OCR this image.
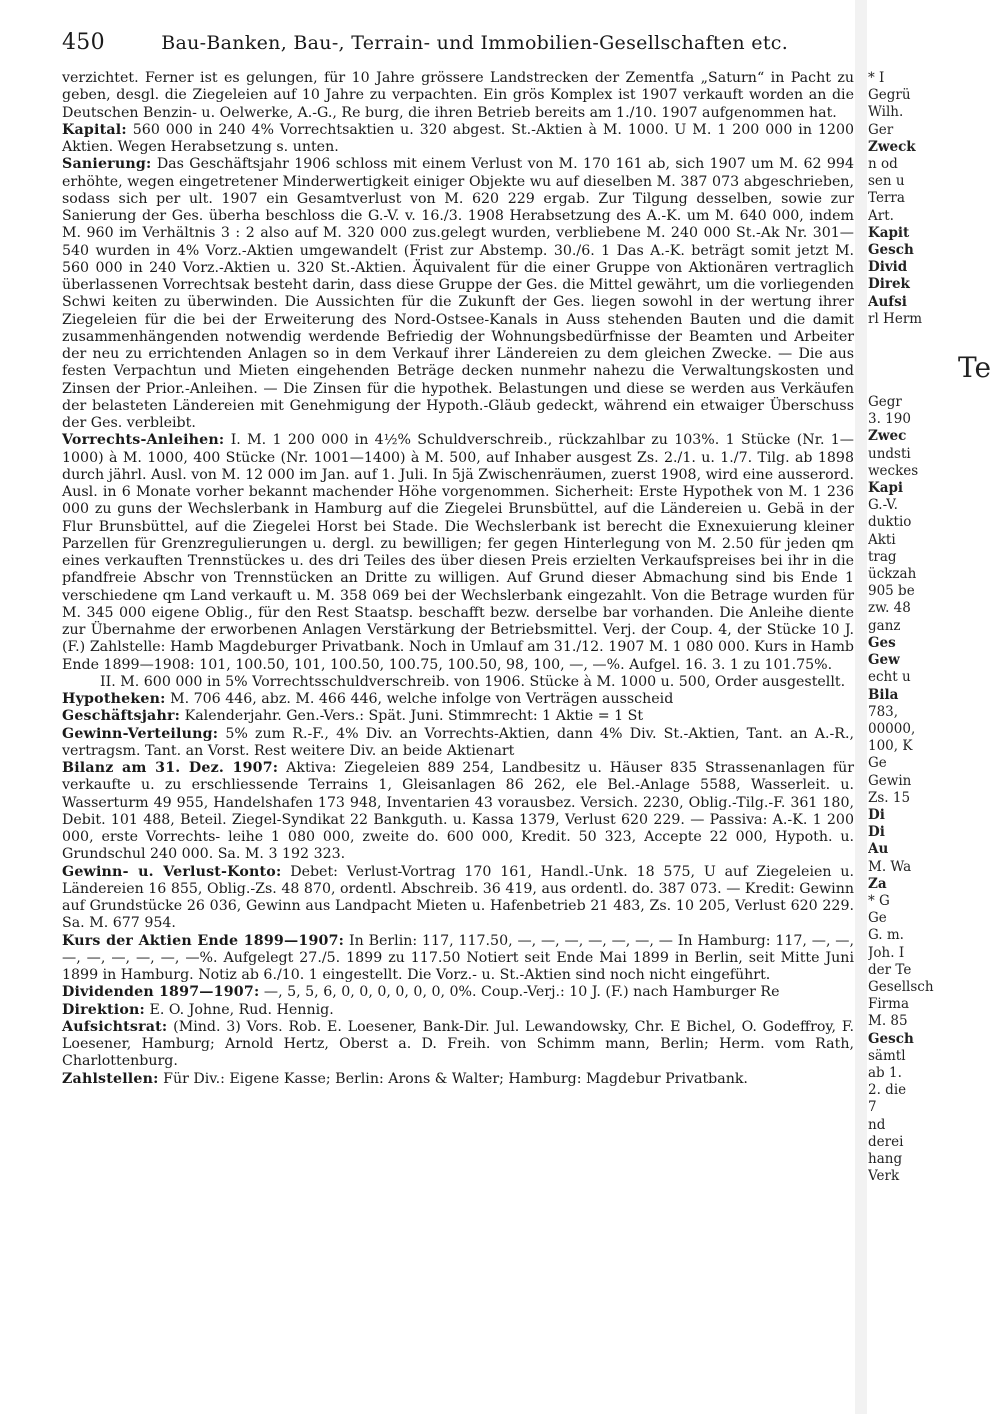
450	Bau-Banken, Bau-, Terrain- und Immobilien-Gesellschaften etc.

verzichtet. Ferner ist es gelungen, für 10 Jahre grössere Landstrecken der Zementfa „Saturn“ in Pacht zu geben, desgl. die Ziegeleien auf 10 Jahre zu verpachten. Ein grös Komplex ist 1907 verkauft worden an die Deutschen Benzin- u. Oelwerke, A.-G., Re burg, die ihren Betrieb bereits am 1./10. 1907 aufgenommen hat.

Kapital: 560 000 in 240 4% Vorrechtsaktien u. 320 abgest. St.-Aktien à M. 1000. U M. 1 200 000 in 1200 Aktien. Wegen Herabsetzung s. unten.

Sanierung: Das Geschäftsjahr 1906 schloss mit einem Verlust von M. 170 161 ab, sich 1907 um M. 62 994 erhöhte, wegen eingetretener Minderwertigkeit einiger Objekte wu auf dieselben M. 387 073 abgeschrieben, sodass sich per ult. 1907 ein Gesamtverlust von M. 620 229 ergab. Zur Tilgung desselben, sowie zur Sanierung der Ges. überha beschloss die G.-V. v. 16./3. 1908 Herabsetzung des A.-K. um M. 640 000, indem M. 960 im Verhältnis 3 : 2 also auf M. 320 000 zus.gelegt wurden, verbliebene M. 240 000 St.-Ak Nr. 301—540 wurden in 4% Vorz.-Aktien umgewandelt (Frist zur Abstemp. 30./6. 1 Das A.-K. beträgt somit jetzt M. 560 000 in 240 Vorz.-Aktien u. 320 St.-Aktien. Äquivalent für die einer Gruppe von Aktionären vertraglich überlassenen Vorrechtsak besteht darin, dass diese Gruppe der Ges. die Mittel gewährt, um die vorliegenden Schwi keiten zu überwinden. Die Aussichten für die Zukunft der Ges. liegen sowohl in der wertung ihrer Ziegeleien für die bei der Erweiterung des Nord-Ostsee-Kanals in Auss stehenden Bauten und die damit zusammenhängenden notwendig werdende Befriedig der Wohnungsbedürfnisse der Beamten und Arbeiter der neu zu errichtenden Anlagen so in dem Verkauf ihrer Ländereien zu dem gleichen Zwecke. — Die aus festen Verpachtun und Mieten eingehenden Beträge decken nunmehr nahezu die Verwaltungskosten und Zinsen der Prior.-Anleihen. — Die Zinsen für die hypothek. Belastungen und diese se werden aus Verkäufen der belasteten Ländereien mit Genehmigung der Hypoth.-Gläub gedeckt, während ein etwaiger Überschuss der Ges. verbleibt.

Vorrechts-Anleihen: I. M. 1 200 000 in 4½% Schuldverschreib., rückzahlbar zu 103%. 1 Stücke (Nr. 1—1000) à M. 1000, 400 Stücke (Nr. 1001—1400) à M. 500, auf Inhaber ausgest Zs. 2./1. u. 1./7. Tilg. ab 1898 durch jährl. Ausl. von M. 12 000 im Jan. auf 1. Juli. In 5jä Zwischenräumen, zuerst 1908, wird eine ausserord. Ausl. in 6 Monate vorher bekannt machender Höhe vorgenommen. Sicherheit: Erste Hypothek von M. 1 236 000 zu guns der Wechslerbank in Hamburg auf die Ziegelei Brunsbüttel, auf die Ländereien u. Gebä in der Flur Brunsbüttel, auf die Ziegelei Horst bei Stade. Die Wechslerbank ist berecht die Exnexuierung kleiner Parzellen für Grenzregulierungen u. dergl. zu bewilligen; fer gegen Hinterlegung von M. 2.50 für jeden qm eines verkauften Trennstückes u. des dri Teiles des über diesen Preis erzielten Verkaufspreises bei ihr in die pfandfreie Abschr von Trennstücken an Dritte zu willigen. Auf Grund dieser Abmachung sind bis Ende 1 verschiedene qm Land verkauft u. M. 358 069 bei der Wechslerbank eingezahlt. Von die Betrage wurden für M. 345 000 eigene Oblig., für den Rest Staatsp. beschafft bezw. derselbe bar vorhanden. Die Anleihe diente zur Übernahme der erworbenen Anlagen Verstärkung der Betriebsmittel. Verj. der Coup. 4, der Stücke 10 J. (F.) Zahlstelle: Hamb Magdeburger Privatbank. Noch in Umlauf am 31./12. 1907 M. 1 080 000. Kurs in Hamb Ende 1899—1908: 101, 100.50, 101, 100.50, 100.75, 100.50, 98, 100, —, —%. Aufgel. 16. 3. 1 zu 101.75%.

II. M. 600 000 in 5% Vorrechtsschuldverschreib. von 1906. Stücke à M. 1000 u. 500, Order ausgestellt.

Hypotheken: M. 706 446, abz. M. 466 446, welche infolge von Verträgen ausscheid

Geschäftsjahr: Kalenderjahr. Gen.-Vers.: Spät. Juni. Stimmrecht: 1 Aktie = 1 St

Gewinn-Verteilung: 5% zum R.-F., 4% Div. an Vorrechts-Aktien, dann 4% Div. St.-Aktien, Tant. an A.-R., vertragsm. Tant. an Vorst. Rest weitere Div. an beide Aktienart

Bilanz am 31. Dez. 1907: Aktiva: Ziegeleien 889 254, Landbesitz u. Häuser 835 Strassenanlagen für verkaufte u. zu erschliessende Terrains 1, Gleisanlagen 86 262, ele Bel.-Anlage 5588, Wasserleit. u. Wasserturm 49 955, Handelshafen 173 948, Inventarien 43 vorausbez. Versich. 2230, Oblig.-Tilg.-F. 361 180, Debit. 101 488, Beteil. Ziegel-Syndikat 22 Bankguth. u. Kassa 1379, Verlust 620 229. — Passiva: A.-K. 1 200 000, erste Vorrechts- leihe 1 080 000, zweite do. 600 000, Kredit. 50 323, Accepte 22 000, Hypoth. u. Grundschul 240 000. Sa. M. 3 192 323.

Gewinn- u. Verlust-Konto: Debet: Verlust-Vortrag 170 161, Handl.-Unk. 18 575, U auf Ziegeleien u. Ländereien 16 855, Oblig.-Zs. 48 870, ordentl. Abschreib. 36 419, aus ordentl. do. 387 073. — Kredit: Gewinn auf Grundstücke 26 036, Gewinn aus Landpacht Mieten u. Hafenbetrieb 21 483, Zs. 10 205, Verlust 620 229. Sa. M. 677 954.

Kurs der Aktien Ende 1899—1907: In Berlin: 117, 117.50, —, —, —, —, —, —, — In Hamburg: 117, —, —, —, —, —, —, —, —%. Aufgelegt 27./5. 1899 zu 117.50 Notiert seit Ende Mai 1899 in Berlin, seit Mitte Juni 1899 in Hamburg. Notiz ab 6./10. 1 eingestellt. Die Vorz.- u. St.-Aktien sind noch nicht eingeführt.

Dividenden 1897—1907: —, 5, 5, 6, 0, 0, 0, 0, 0, 0, 0%. Coup.-Verj.: 10 J. (F.) nach Hamburger Re

Direktion: E. O. Johne, Rud. Hennig.

Aufsichtsrat: (Mind. 3) Vors. Rob. E. Loesener, Bank-Dir. Jul. Lewandowsky, Chr. E Bichel, O. Godeffroy, F. Loesener, Hamburg; Arnold Hertz, Oberst a. D. Freih. von Schimm mann, Berlin; Herm. vom Rath, Charlottenburg.

Zahlstellen: Für Div.: Eigene Kasse; Berlin: Arons & Walter; Hamburg: Magdebur Privatbank.

* I
Gegrü
Wilh.
Ger
Zweck
n od
sen u
Terra
Art.
Kapit
Gesch
Divid
Direk
Aufsi
rl Herm
Te
Gegr
3. 190
Zwec
undsti
weckes
Kapi
G.-V.
duktio
Akti
trag
ückzah
905 be
zw. 48
ganz
Ges
Gew
echt u
Bila
783,
00000,
100, K
Ge
Gewin
Zs. 15
Di
Di
Au
M. Wa
Za
* G
Ge
G. m.
Joh. I
der Te
Gesellsch
Firma
M. 85
Gesch
sämtl
ab 1.
2. die
7
nd
derei
hang
Verk
